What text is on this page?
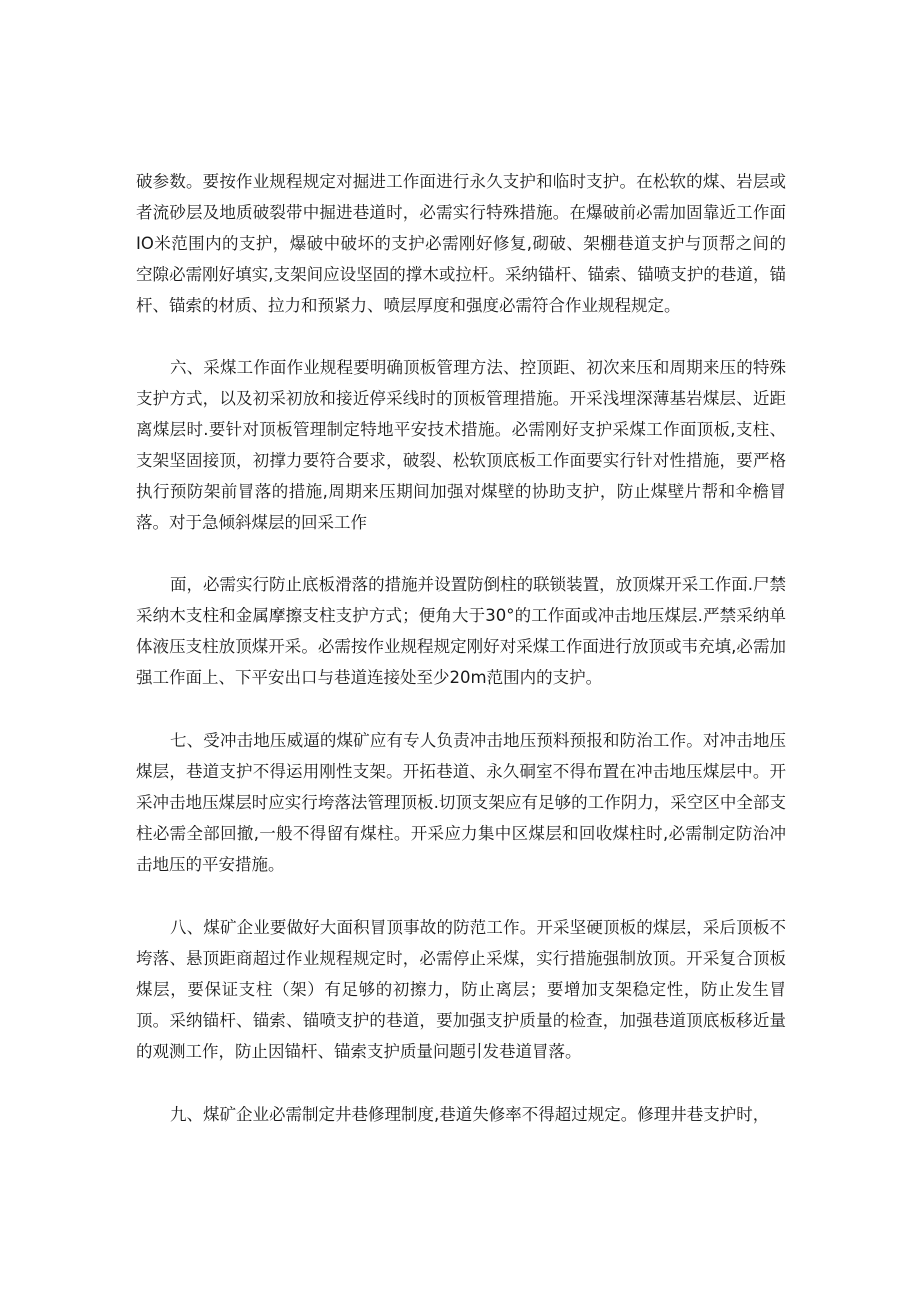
破参数。要按作业规程规定对掘进工作面进行永久支护和临时支护。在松软的煤、岩层或者流砂层及地质破裂带中掘进巷道时，必需实行特殊措施。在爆破前必需加固靠近工作面IO米范围内的支护，爆破中破坏的支护必需刚好修复,砌破、架棚巷道支护与顶帮之间的空隙必需刚好填实,支架间应设坚固的撑木或拉杆。采纳锚杆、锚索、锚喷支护的巷道，锚杆、锚索的材质、拉力和预紧力、喷层厚度和强度必需符合作业规程规定。

六、采煤工作面作业规程要明确顶板管理方法、控顶距、初次来压和周期来压的特殊支护方式，以及初采初放和接近停采线时的顶板管理措施。开采浅埋深薄基岩煤层、近距离煤层时.要针对顶板管理制定特地平安技术措施。必需刚好支护采煤工作面顶板,支柱、支架坚固接顶，初撑力要符合要求，破裂、松软顶底板工作面要实行针对性措施，要严格执行预防架前冒落的措施,周期来压期间加强对煤壁的协助支护，防止煤壁片帮和伞檐冒落。对于急倾斜煤层的回采工作

面，必需实行防止底板滑落的措施并设置防倒柱的联锁装置，放顶煤开采工作面.尸禁采纳木支柱和金属摩擦支柱支护方式；便角大于30°的工作面或冲击地压煤层.严禁采纳单体液压支柱放顶煤开采。必需按作业规程规定刚好对采煤工作面进行放顶或韦充填,必需加强工作面上、下平安出口与巷道连接处至少20m范围内的支护。

七、受冲击地压威逼的煤矿应有专人负责冲击地压预料预报和防治工作。对冲击地压煤层，巷道支护不得运用刚性支架。开拓巷道、永久硐室不得布置在冲击地压煤层中。开采冲击地压煤层时应实行垮落法管理顶板.切顶支架应有足够的工作阴力，采空区中全部支柱必需全部回撤,一般不得留有煤柱。开采应力集中区煤层和回收煤柱时,必需制定防治冲击地压的平安措施。

八、煤矿企业要做好大面积冒顶事故的防范工作。开采坚硬顶板的煤层，采后顶板不垮落、悬顶距商超过作业规程规定时，必需停止采煤，实行措施强制放顶。开采复合顶板煤层，要保证支柱（架）有足够的初擦力，防止离层；要增加支架稳定性，防止发生冒顶。采纳锚杆、锚索、锚喷支护的巷道，要加强支护质量的检查，加强巷道顶底板移近量的观测工作，防止因锚杆、锚索支护质量问题引发巷道冒落。

九、煤矿企业必需制定井巷修理制度,巷道失修率不得超过规定。修理井巷支护时，
